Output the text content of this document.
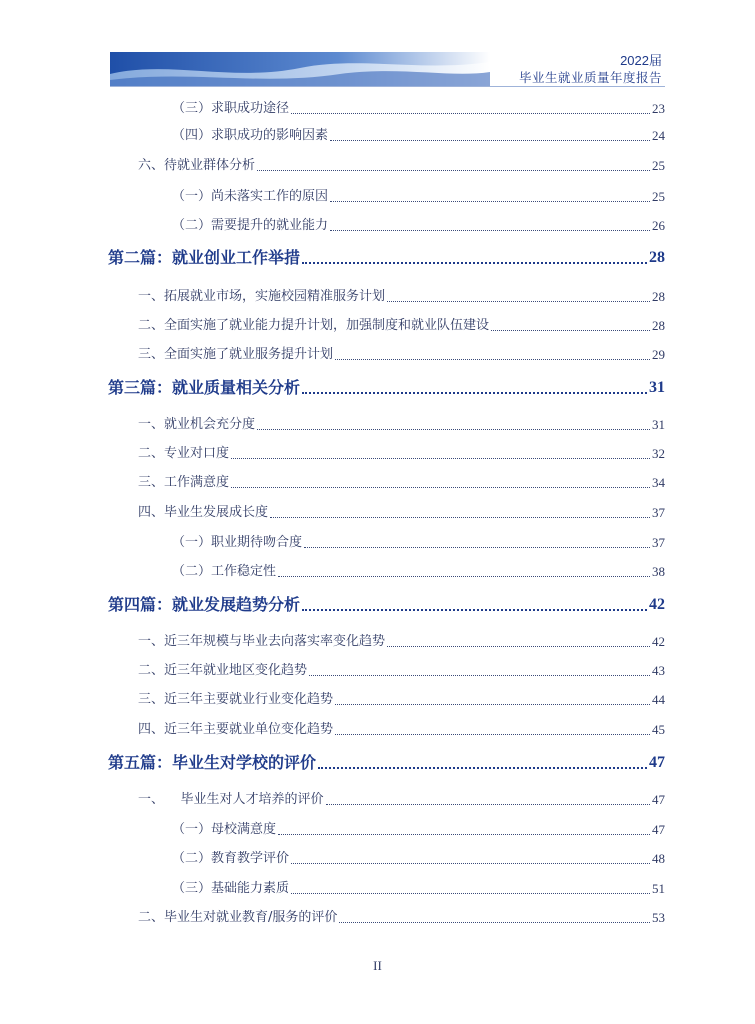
2022届
毕业生就业质量年度报告
（三）求职成功途径	23
（四）求职成功的影响因素	24
六、待就业群体分析	25
（一）尚未落实工作的原因	25
（二）需要提升的就业能力	26
第二篇：就业创业工作举措	28
一、拓展就业市场，实施校园精准服务计划	28
二、全面实施了就业能力提升计划，加强制度和就业队伍建设	28
三、全面实施了就业服务提升计划	29
第三篇：就业质量相关分析	31
一、就业机会充分度	31
二、专业对口度	32
三、工作满意度	34
四、毕业生发展成长度	37
（一）职业期待吻合度	37
（二）工作稳定性	38
第四篇：就业发展趋势分析	42
一、近三年规模与毕业去向落实率变化趋势	42
二、近三年就业地区变化趋势	43
三、近三年主要就业行业变化趋势	44
四、近三年主要就业单位变化趋势	45
第五篇：毕业生对学校的评价	47
一、    毕业生对人才培养的评价	47
（一）母校满意度	47
（二）教育教学评价	48
（三）基础能力素质	51
二、毕业生对就业教育/服务的评价	53
II
